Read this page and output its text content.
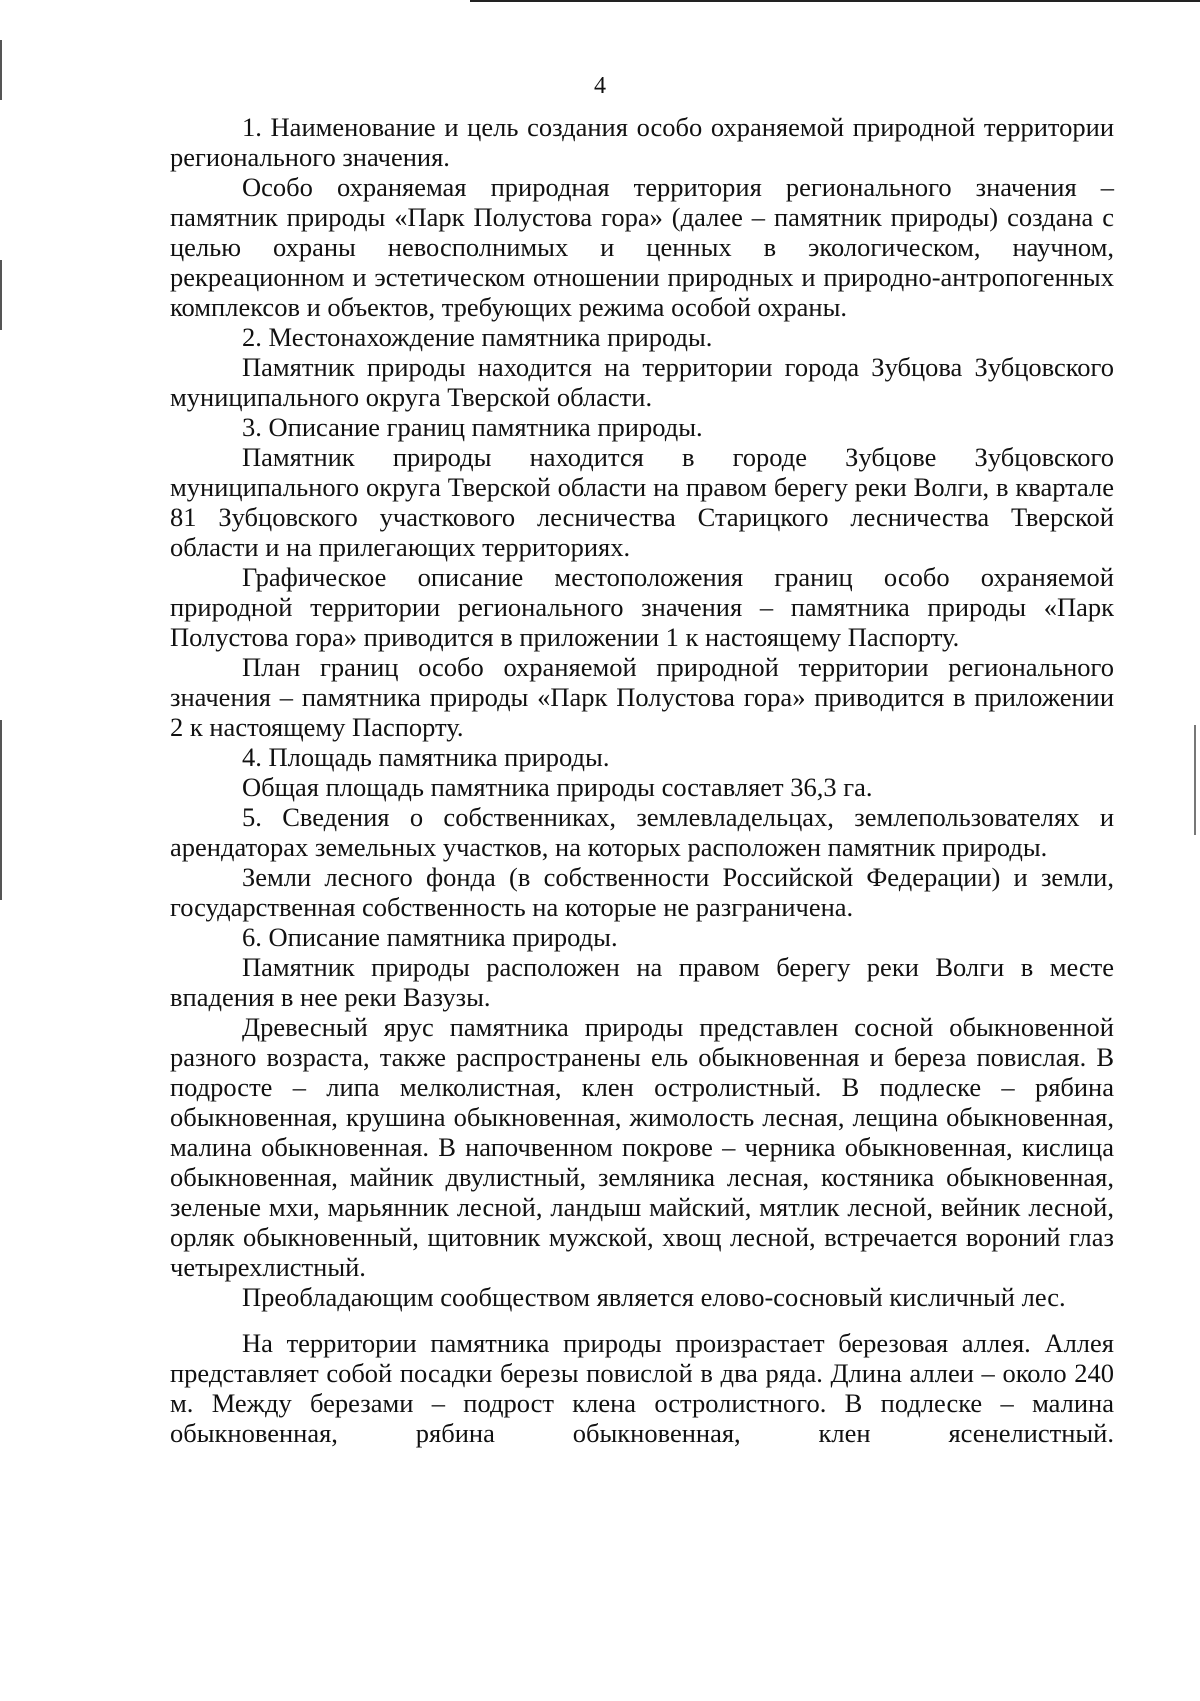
4

1. Наименование и цель создания особо охраняемой природной территории регионального значения.

Особо охраняемая природная территория регионального значения – памятник природы «Парк Полустова гора» (далее – памятник природы) создана с целью охраны невосполнимых и ценных в экологическом, научном, рекреационном и эстетическом отношении природных и природно-антропогенных комплексов и объектов, требующих режима особой охраны.

2. Местонахождение памятника природы.

Памятник природы находится на территории города Зубцова Зубцовского муниципального округа Тверской области.

3. Описание границ памятника природы.

Памятник природы находится в городе Зубцове Зубцовского муниципального округа Тверской области на правом берегу реки Волги, в квартале 81 Зубцовского участкового лесничества Старицкого лесничества Тверской области и на прилегающих территориях.

Графическое описание местоположения границ особо охраняемой природной территории регионального значения – памятника природы «Парк Полустова гора» приводится в приложении 1 к настоящему Паспорту.

План границ особо охраняемой природной территории регионального значения – памятника природы «Парк Полустова гора» приводится в приложении 2 к настоящему Паспорту.

4. Площадь памятника природы.

Общая площадь памятника природы составляет 36,3 га.

5. Сведения о собственниках, землевладельцах, землепользователях и арендаторах земельных участков, на которых расположен памятник природы.

Земли лесного фонда (в собственности Российской Федерации) и земли, государственная собственность на которые не разграничена.

6. Описание памятника природы.

Памятник природы расположен на правом берегу реки Волги в месте впадения в нее реки Вазузы.

Древесный ярус памятника природы представлен сосной обыкновенной разного возраста, также распространены ель обыкновенная и береза повислая. В подросте – липа мелколистная, клен остролистный. В подлеске – рябина обыкновенная, крушина обыкновенная, жимолость лесная, лещина обыкновенная, малина обыкновенная. В напочвенном покрове – черника обыкновенная, кислица обыкновенная, майник двулистный, земляника лесная, костяника обыкновенная, зеленые мхи, марьянник лесной, ландыш майский, мятлик лесной, вейник лесной, орляк обыкновенный, щитовник мужской, хвощ лесной, встречается вороний глаз четырехлистный.

Преобладающим сообществом является елово-сосновый кисличный лес.

На территории памятника природы произрастает березовая аллея. Аллея представляет собой посадки березы повислой в два ряда. Длина аллеи – около 240 м. Между березами – подрост клена остролистного. В подлеске – малина обыкновенная, рябина обыкновенная, клен ясенелистный.
